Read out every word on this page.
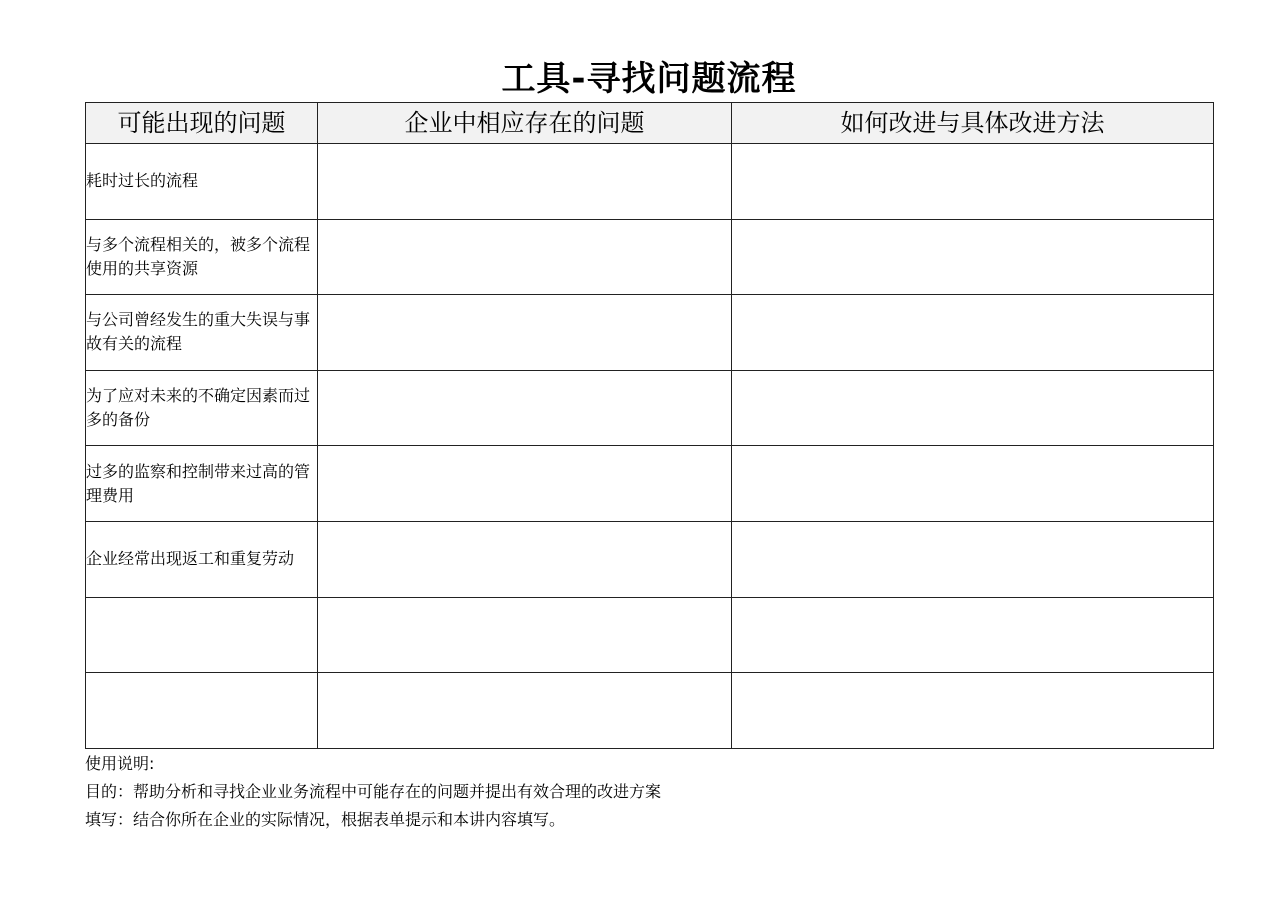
工具-寻找问题流程
可能出现的问题	企业中相应存在的问题	如何改进与具体改进方法
耗时过长的流程		
与多个流程相关的，被多个流程使用的共享资源		
与公司曾经发生的重大失误与事故有关的流程		
为了应对未来的不确定因素而过多的备份		
过多的监察和控制带来过高的管理费用		
企业经常出现返工和重复劳动		

使用说明:
目的：帮助分析和寻找企业业务流程中可能存在的问题并提出有效合理的改进方案
填写：结合你所在企业的实际情况，根据表单提示和本讲内容填写。
